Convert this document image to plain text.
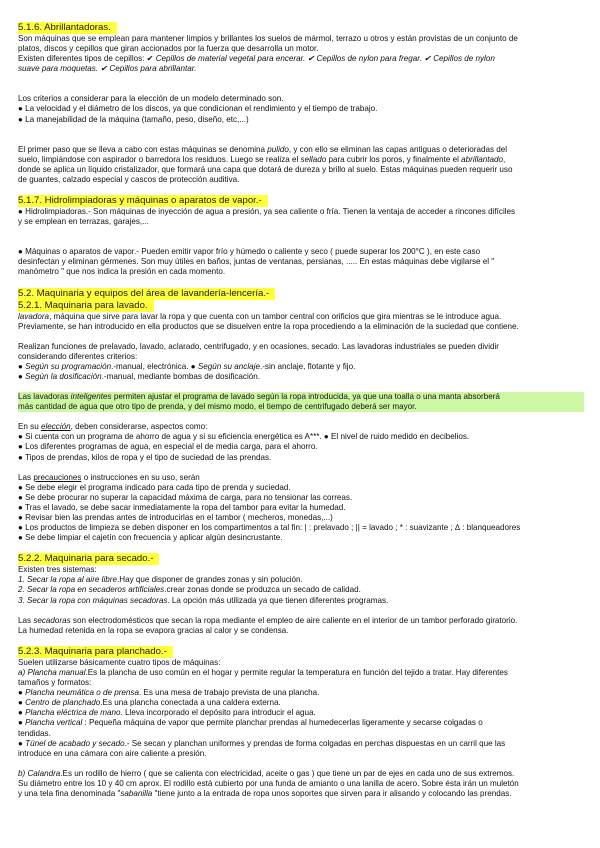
5.1.6. Abrillantadoras.

Son máquinas que se emplean para mantener limpios y brillantes los suelos de mármol, terrazo u otros y están provistas de un conjunto de

platos, discos y cepillos que giran accionados por la fuerza que desarrolla un motor.

Existen diferentes tipos de cepillos: ✔ Cepillos de material vegetal para encerar. ✔ Cepillos de nylon para fregar. ✔ Cepillos de nylon

suave para moquetas. ✔ Cepillos para abrillantar.

Los criterios a considerar para la elección de un modelo determinado son.

● La velocidad y el diámetro de los discos, ya que condicionan el rendimiento y el tiempo de trabajo.

● La manejabilidad de la máquina (tamaño, peso, diseño, etc,...)

El primer paso que se lleva a cabo con estas máquinas se denomina pulido, y con ello se eliminan las capas antiguas o deterioradas del

suelo, limpiándose con aspirador o barredora los residuos. Luego se realiza el sellado para cubrir los poros, y finalmente el abrillantado,

donde se aplica un líquido cristalizador, que formará una capa que dotará de dureza y brillo al suelo. Estas máquinas pueden requerir uso

de guantes, calzado especial y cascos de protección auditiva.

5.1.7. Hidrolimpiadoras y máquinas o aparatos de vapor.-

● Hidrolimpiadoras.- Son máquinas de inyección de agua a presión, ya sea caliente o fría. Tienen la ventaja de acceder a rincones difíciles

y se emplean en terrazas, garajes,...

● Máquinas o aparatos de vapor.- Pueden emitir vapor frío y húmedo o caliente y seco ( puede superar los 200°C ), en este caso

desinfectan y eliminan gérmenes. Son muy útiles en baños, juntas de ventanas, persianas, ..... En estas máquinas debe vigilarse el "

manómetro " que nos indica la presión en cada momento.

5.2. Maquinaria y equipos del área de lavandería-lencería.-
5.2.1. Maquinaria para lavado.

lavadora, máquina que sirve para lavar la ropa y que cuenta con un tambor central con orificios que gira mientras se le introduce agua.

Previamente, se han introducido en ella productos que se disuelven entre la ropa procediendo a la eliminación de la suciedad que contiene.

Realizan funciones de prelavado, lavado, aclarado, centrifugado, y en ocasiones, secado. Las lavadoras industriales se pueden dividir

considerando diferentes criterios:

● Según su programación.-manual, electrónica. ● Según su anclaje.-sin anclaje, flotante y fijo.

● Según la dosificación.-manual, mediante bombas de dosificación.

Las lavadoras inteligentes permiten ajustar el programa de lavado según la ropa introducida, ya que una toalla o una manta absorberá

más cantidad de agua que otro tipo de prenda, y del mismo modo, el tiempo de centrifugado deberá ser mayor.

En su elección, deben considerarse, aspectos como:

● Si cuenta con un programa de ahorro de agua y si su eficiencia energética es A***. ● El nivel de ruido medido en decibelios.

● Los diferentes programas de agua, en especial el de media carga, para el ahorro.

● Tipos de prendas, kilos de ropa y el tipo de suciedad de las prendas.

Las precauciones o instrucciones en su uso, serán

● Se debe elegir el programa indicado para cada tipo de prenda y suciedad.

● Se debe procurar no superar la capacidad máxima de carga, para no tensionar las correas.

● Tras el lavado, se debe sacar inmediatamente la ropa del tambor para evitar la humedad.

● Revisar bien las prendas antes de introducirlas en el tambor ( mecheros, monedas,...)

● Los productos de limpieza se deben disponer en los compartimentos a tal fin: | : prelavado ; || = lavado ; * : suavizante ; ∆ : blanqueadores

● Se debe limpiar el cajetín con frecuencia y aplicar algún desincrustante.

5.2.2. Maquinaria para secado.-

Existen tres sistemas:

1. Secar la ropa al aire libre.Hay que disponer de grandes zonas y sin polución.

2. Secar la ropa en secaderos artificiales.crear zonas donde se produzca un secado de calidad.

3. Secar la ropa con máquinas secadoras. La opción más utilizada ya que tienen diferentes programas.

Las secadoras son electrodomésticos que secan la ropa mediante el empleo de aire caliente en el interior de un tambor perforado giratorio.

La humedad retenida en la ropa se evapora gracias al calor y se condensa.

5.2.3. Maquinaria para planchado.-

Suelen utilizarse básicamente cuatro tipos de máquinas:

a) Plancha manual.Es la plancha de uso común en el hogar y permite regular la temperatura en función del tejido a tratar. Hay diferentes

tamaños y formatos:

● Plancha neumática o de prensa. Es una mesa de trabajo prevista de una plancha.

● Centro de planchado.Es una plancha conectada a una caldera externa.

● Plancha eléctrica de mano. Lleva incorporado el depósito para introducir el agua.

● Plancha vertical : Pequeña máquina de vapor que permite planchar prendas al humedecerlas ligeramente y secarse colgadas o

tendidas.

● Túnel de acabado y secado.- Se secan y planchan uniformes y prendas de forma colgadas en perchas dispuestas en un carril que las

introduce en una cámara con aire caliente a presión.

b) Calandra.Es un rodillo de hierro ( que se calienta con electricidad, aceite o gas ) que tiene un par de ejes en cada uno de sus extremos.

Su diámetro entre los 10 y 40 cm aprox. El rodillo está cubierto por una funda de amianto o una lanilla de acero. Sobre ésta irán un muletón

y una tela fina denominada "sabanilla "tiene junto a la entrada de ropa unos soportes que sirven para ir alisando y colocando las prendas.
